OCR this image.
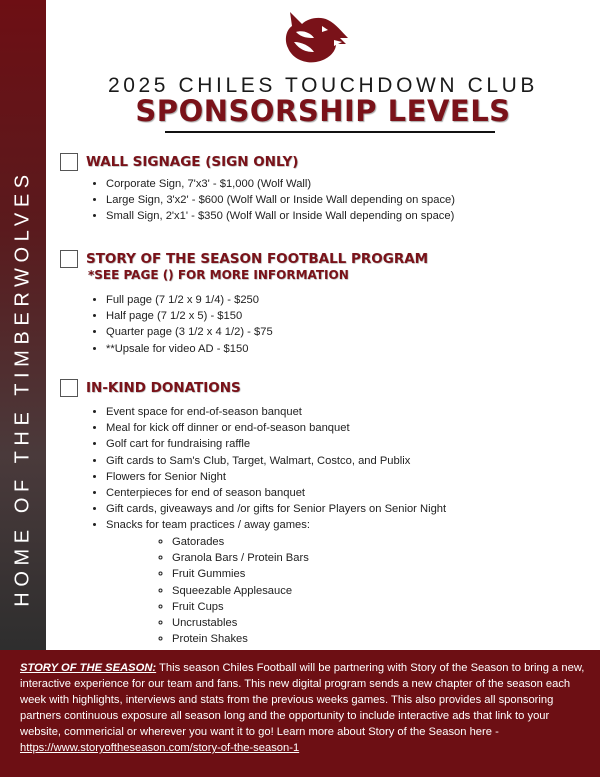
HOME OF THE TIMBERWOLVES
2025 CHILES TOUCHDOWN CLUB
SPONSORSHIP LEVELS
WALL SIGNAGE (SIGN ONLY)
• Corporate Sign, 7'x3' - $1,000 (Wolf Wall)
• Large Sign, 3'x2' - $600 (Wolf Wall or Inside Wall depending on space)
• Small Sign, 2'x1' - $350 (Wolf Wall or Inside Wall depending on space)
STORY OF THE SEASON FOOTBALL PROGRAM
*SEE PAGE () FOR MORE INFORMATION
• Full page (7 1/2 x 9 1/4) - $250
• Half page (7 1/2 x 5) - $150
• Quarter page (3 1/2 x 4 1/2) - $75
• **Upsale for video AD - $150
IN-KIND DONATIONS
• Event space for end-of-season banquet
• Meal for kick off dinner or end-of-season banquet
• Golf cart for fundraising raffle
• Gift cards to Sam's Club, Target, Walmart, Costco, and Publix
• Flowers for Senior Night
• Centerpieces for end of season banquet
• Gift cards, giveaways and /or gifts for Senior Players on Senior Night
• Snacks for team practices / away games:
◦ Gatorades
◦ Granola Bars / Protein Bars
◦ Fruit Gummies
◦ Squeezable Applesauce
◦ Fruit Cups
◦ Uncrustables
◦ Protein Shakes
STORY OF THE SEASON: This season Chiles Football will be partnering with Story of the Season to bring a new, interactive experience for our team and fans. This new digital program sends a new chapter of the season each week with highlights, interviews and stats from the previous weeks games. This also provides all sponsoring partners continuous exposure all season long and the opportunity to include interactive ads that link to your website, commericial or wherever you want it to go! Learn more about Story of the Season here - https://www.storyoftheseason.com/story-of-the-season-1
